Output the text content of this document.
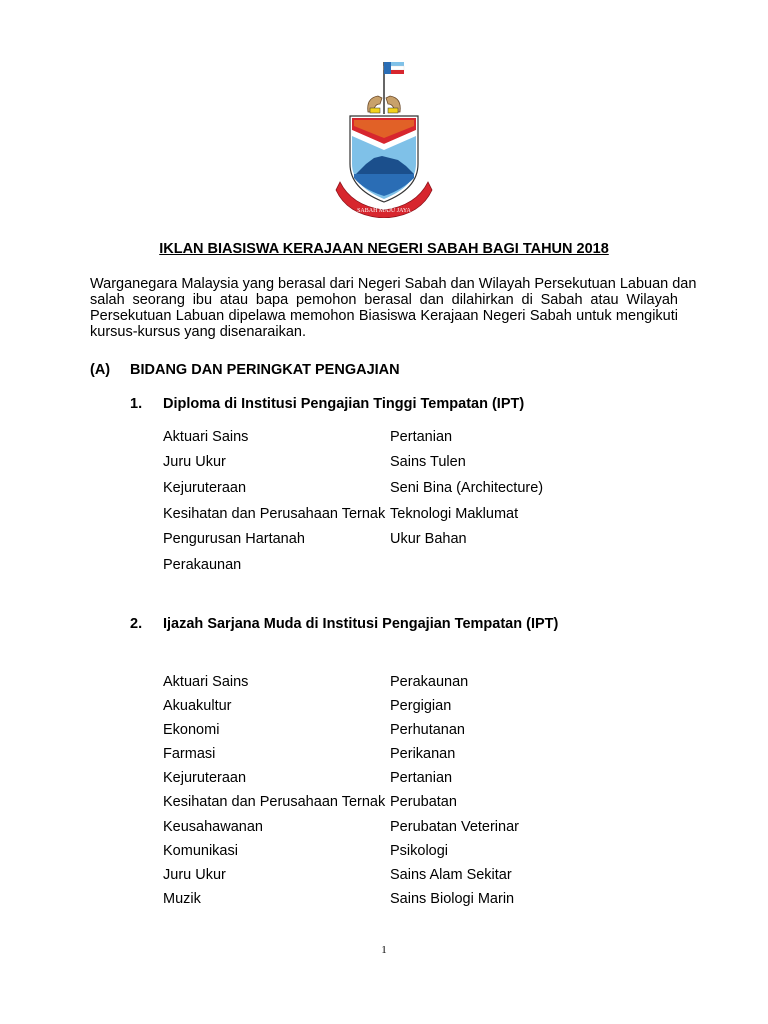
SABAH MAJU JAYA
IKLAN BIASISWA KERAJAAN NEGERI SABAH BAGI TAHUN 2018
Warganegara Malaysia yang berasal dari Negeri Sabah dan Wilayah Persekutuan Labuan dan
salah seorang ibu atau bapa pemohon berasal dan dilahirkan di Sabah atau Wilayah
Persekutuan Labuan dipelawa memohon Biasiswa Kerajaan Negeri Sabah untuk mengikuti
kursus-kursus yang disenaraikan.
(A) BIDANG DAN PERINGKAT PENGAJIAN
1. Diploma di Institusi Pengajian Tinggi Tempatan (IPT)
Aktuari Sains
Juru Ukur
Kejuruteraan
Kesihatan dan Perusahaan Ternak
Pengurusan Hartanah
Perakaunan
Pertanian
Sains Tulen
Seni Bina (Architecture)
Teknologi Maklumat
Ukur Bahan
2. Ijazah Sarjana Muda di Institusi Pengajian Tempatan (IPT)
Aktuari Sains
Akuakultur
Ekonomi
Farmasi
Kejuruteraan
Kesihatan dan Perusahaan Ternak
Keusahawanan
Komunikasi
Juru Ukur
Muzik
Perakaunan
Pergigian
Perhutanan
Perikanan
Pertanian
Perubatan
Perubatan Veterinar
Psikologi
Sains Alam Sekitar
Sains Biologi Marin
1
